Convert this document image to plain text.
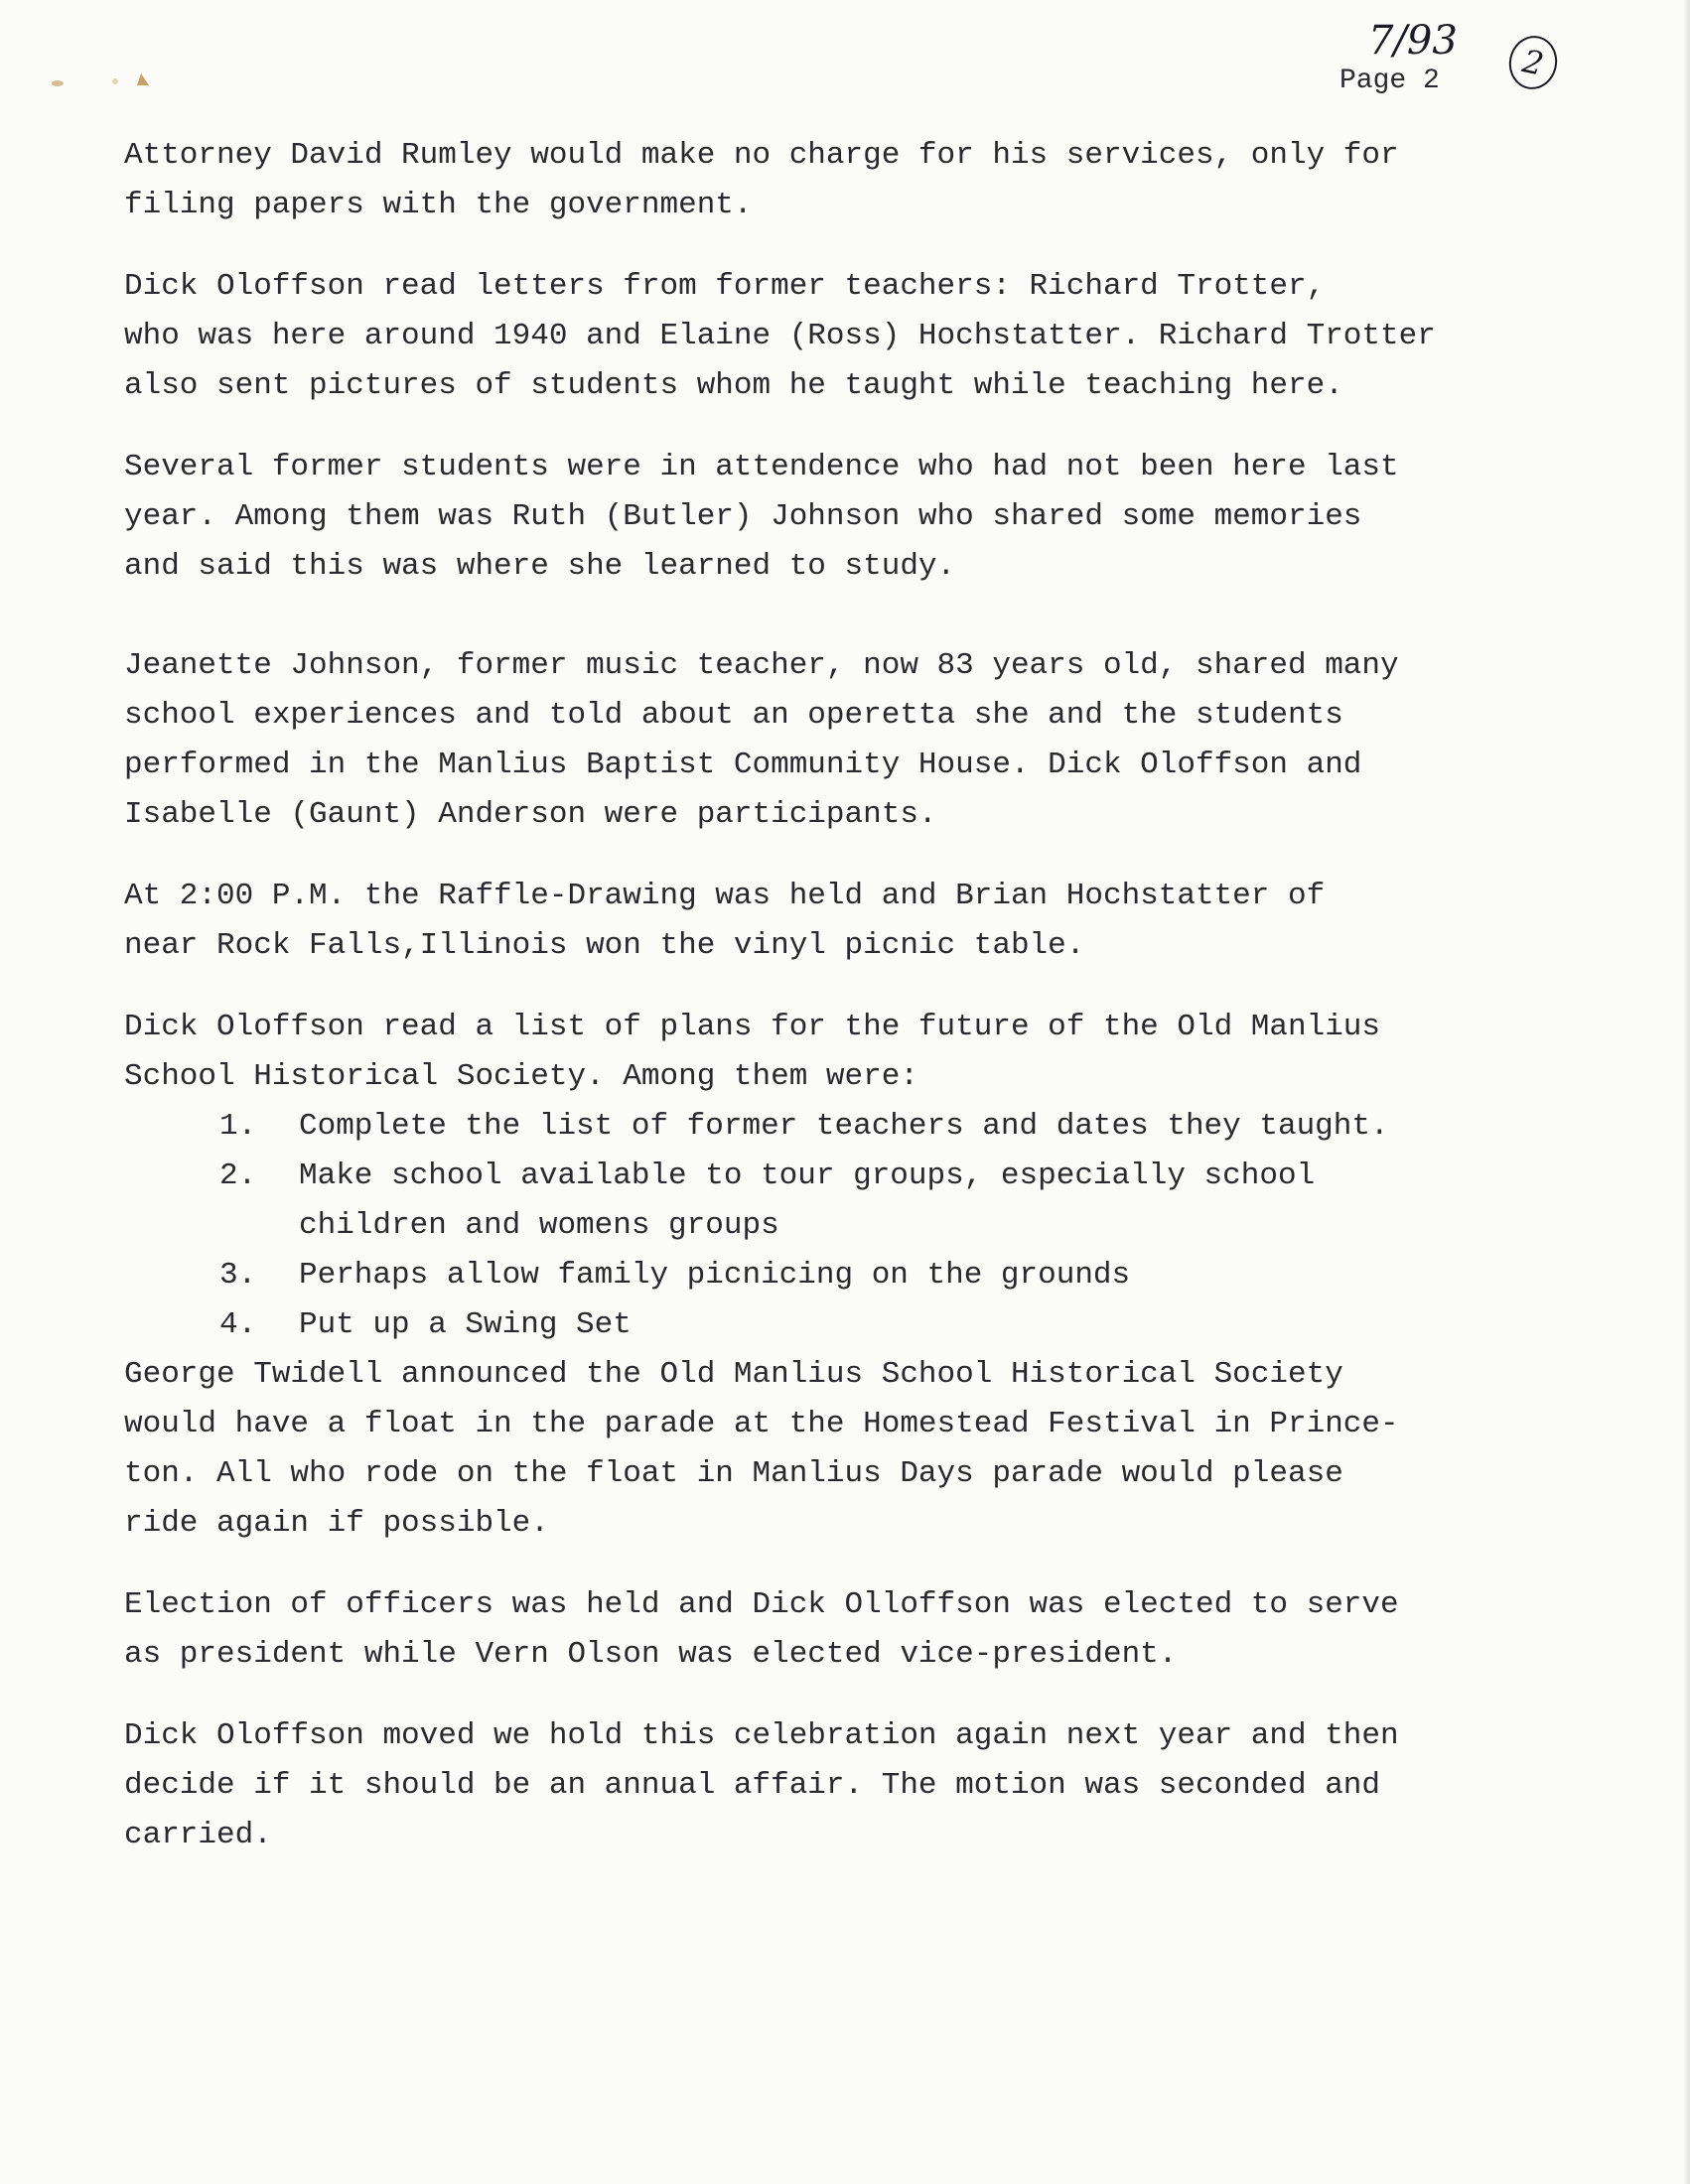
7/93	2
Page 2
Attorney David Rumley would make no charge for his services, only for
filing papers with the government.
Dick Oloffson read letters from former teachers: Richard Trotter,
who was here around 1940 and Elaine (Ross) Hochstatter. Richard Trotter
also sent pictures of students whom he taught while teaching here.
Several former students were in attendence who had not been here last
year. Among them was Ruth (Butler) Johnson who shared some memories
and said this was where she learned to study.
Jeanette Johnson, former music teacher, now 83 years old, shared many
school experiences and told about an operetta she and the students
performed in the Manlius Baptist Community House. Dick Oloffson and
Isabelle (Gaunt) Anderson were participants.
At 2:00 P.M. the Raffle-Drawing was held and Brian Hochstatter of
near Rock Falls,Illinois won the vinyl picnic table.
Dick Oloffson read a list of plans for the future of the Old Manlius
School Historical Society. Among them were:
1.	Complete the list of former teachers and dates they taught.
2.	Make school available to tour groups, especially school
children and womens groups
3.	Perhaps allow family picnicing on the grounds
4.	Put up a Swing Set
George Twidell announced the Old Manlius School Historical Society
would have a float in the parade at the Homestead Festival in Prince-
ton. All who rode on the float in Manlius Days parade would please
ride again if possible.
Election of officers was held and Dick Olloffson was elected to serve
as president while Vern Olson was elected vice-president.
Dick Oloffson moved we hold this celebration again next year and then
decide if it should be an annual affair. The motion was seconded and
carried.
